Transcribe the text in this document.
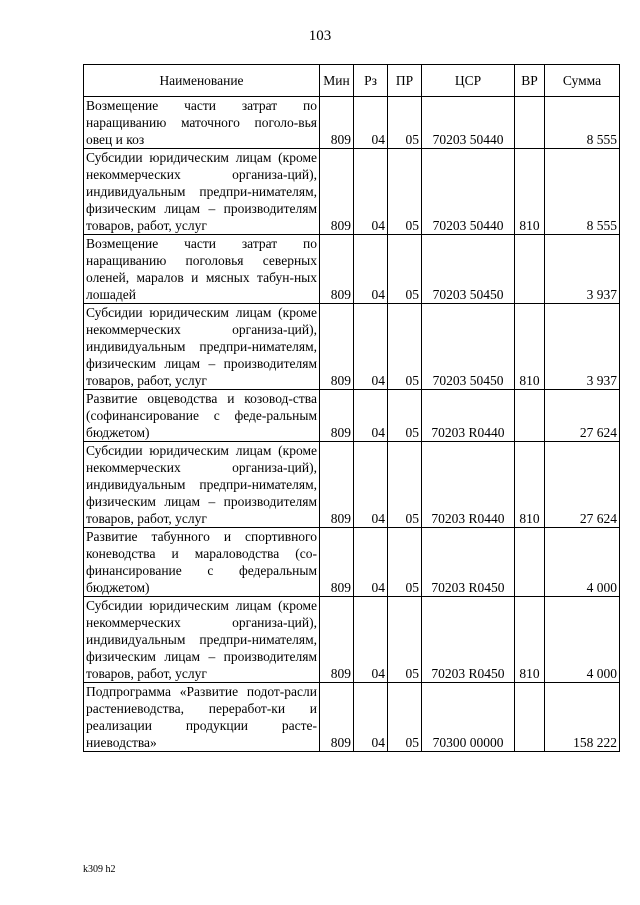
103
Наименование	Мин	Рз	ПР	ЦСР	ВР	Сумма
Возмещение части затрат по наращиванию маточного поголо-вья овец и коз	809	04	05	70203 50440		8 555
Субсидии юридическим лицам (кроме некоммерческих организа-ций), индивидуальным предпри-нимателям, физическим лицам – производителям товаров, работ, услуг	809	04	05	70203 50440	810	8 555
Возмещение части затрат по наращиванию поголовья северных оленей, маралов и мясных табун-ных лошадей	809	04	05	70203 50450		3 937
Субсидии юридическим лицам (кроме некоммерческих организа-ций), индивидуальным предпри-нимателям, физическим лицам – производителям товаров, работ, услуг	809	04	05	70203 50450	810	3 937
Развитие овцеводства и козовод-ства (софинансирование с феде-ральным бюджетом)	809	04	05	70203 R0440		27 624
Субсидии юридическим лицам (кроме некоммерческих организа-ций), индивидуальным предпри-нимателям, физическим лицам – производителям товаров, работ, услуг	809	04	05	70203 R0440	810	27 624
Развитие табунного и спортивного коневодства и мараловодства (со-финансирование с федеральным бюджетом)	809	04	05	70203 R0450		4 000
Субсидии юридическим лицам (кроме некоммерческих организа-ций), индивидуальным предпри-нимателям, физическим лицам – производителям товаров, работ, услуг	809	04	05	70203 R0450	810	4 000
Подпрограмма «Развитие подот-расли растениеводства, переработ-ки и реализации продукции расте-ниеводства»	809	04	05	70300 00000		158 222
k309 h2
